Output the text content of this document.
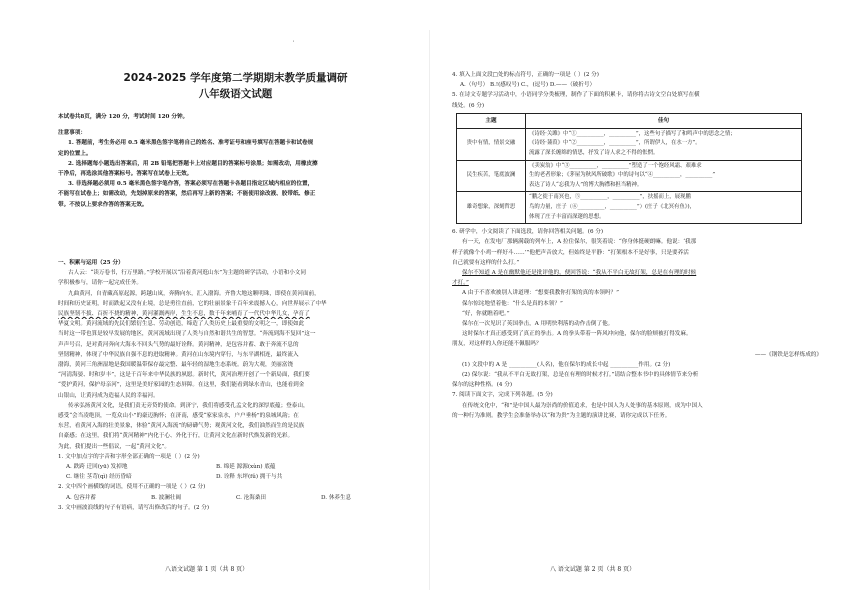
'
2024-2025 学年度第二学期期末教学质量调研
八年级语文试题

本试卷共8页，满分 120 分，考试时间 120 分钟。

注意事项：

1. 答题前，考生务必用 0.5 毫米黑色签字笔将自己的姓名、准考证号和座号填写在答题卡和试卷规

定的位置上。

2. 选择题每小题选出答案后，用 2B 铅笔把答题卡上对应题目的答案标号涂黑；如需改动，用橡皮擦

干净后，再选涂其他答案标号。答案写在试卷上无效。

3. 非选择题必须用 0.5 毫米黑色签字笔作答，答案必须写在答题卡各题目指定区域内相应的位置，

不能写在试卷上；如需改动，先划掉原来的答案，然后再写上新的答案；不能使用涂改液、胶带纸、修正

带。不按以上要求作答的答案无效。

一、积累与运用（25 分）

古人云：“读万卷书，行万里路。”学校开展以“沿着黄河逛山东”为主题的研学活动，小语和小文同

学积极参与，请你一起完成任务。

九曲黄河，自青藏高原起源，跨越山岚，奔腾向东，汇入渤海。齐鲁大地这颗明珠，即使在黄河面前，

时间和历史证明，时而跌起又没有止境，总是勇往直前，它的壮丽景象千百年来震撼人心，向世界展示了中华

民族坚韧不拔、百折不挠的精神，黄河灌溉两岸，生生不息，数千年来哺育了一代代中华儿女，孕育了

华夏文明。黄河流域的先民们繁衍生息、劳动创造，缔造了人类历史上最重要的文明之一，即使如此

当时这一带也算是较早发展的地区，黄河流域出现了人类与自然和谐共生的智慧。“奔流到海不复回”这一

声声号召，是对黄河奔向大海永不回头气势的最好诠释。黄河精神，是包容并蓄、敢于奔流不息的

坚韧精神，体现了中华民族自强不息的进取精神。黄河在山东境内穿行，与东平湖相连，最终流入

渤海，黄河三角洲湿地是我国暖温带保存最完整、最年轻的湿地生态系统。蔚为大观，美丽富饶

“河清海晏、时和岁丰”，这是千百年来中华民族的夙愿。新时代，黄河治理开创了一个新局面，我们要

“爱护黄河，保护母亲河”，这里是美好家园的生态屏障。在这里，我们能看到绿水青山，也能看到金

山银山，让黄河成为造福人民的幸福河。

传承弘扬黄河文化，是我们责无旁贷的使命。到济宁，我们将感受孔孟文化的深厚底蕴；登泰山，

感受“会当凌绝顶，一览众山小”的豪迈胸怀；在济南，感受“家家泉水，户户垂杨”的泉城风韵；在

东营，看黄河入海的壮美景象，体验“黄河入海流”的磅礴气势；观黄河文化，我们油然而生的是民族

自豪感；在这里，我们将“黄河精神”内化于心、外化于行，让黄河文化在新时代焕发新的光彩。

为此，我们提出一些倡议，一起“黄河文化”。

1. 文中加点字的字音和字形全部正确的一项是（ ）(2 分)

A. 跌跨 迁回(yū) 发掉地	B. 绵延 源源(xùn) 底蕴

C. 继往 茎苛(qì) 经历昏暗	D. 诠释 东坪(fǔ) 拥干与共

2. 文中四个画横线的词语，使用不正确的一项是（ ）(2 分)

A. 包容并蓄	B. 波澜壮阔	C. 沧海桑田	D. 休养生息

3. 文中画波浪线的句子有语病，请写出修改后的句子。(2 分)

八语文试题 第 1 页（共 8 页）

4. 填入上面文段□处的标点符号，正确的一项是（ ）(2 分)

A.（句号） B.!(感叹号) C.，(逗号) D.——（破折号）

5. 在诗文专题学习活动中，小语同学分类梳理，制作了下面的积累卡，请你将古诗文空白处填写在横

线处。(6 分)

主题	佳句
贵中有情，情景交融	《诗经·关雎》中“①__________，__________”，这些句子描写了和鸣声中的思念之情；
《诗经·蒹葭》中“②__________，__________”，所谓伊人，在水一方”。
流露了深长缠绵的情思，抒发了诗人求之不得的怅惘。

民生疾苦，笔底波澜	《卖炭翁》中“③__________，__________”塑造了一个饱经风霜、艰难求
生的老者形象；《茅屋为秋风所破歌》中的诗句以“④__________，__________”
表达了诗人“忘我为人”的博大胸襟和担当精神。

雄奇想象，深刻哲思	“鹏之徙于南冥也，⑤__________，__________”，扶摇而上，展现鹏
鸟的力量，庄子（⑥__________，__________”）(庄子《北冥有鱼》)，
体现了庄子丰富而深邃的思想。

6. 研学中，小文阅读了下面选段，请你回答相关问题。(6 分)

有一天，在发电厂那辆满载的列车上，A 拉住保尔，很笑着说：“你身体挺硬朗嘛。他说：‘我那

样子就像个小鸡一样好斗……’”他把声音放大，但始终是平静：“打架根本不是好事，只是要养活

自己就要有这样的什么打。”

保尔不知道 A 是在幽默他还是批评他的，便回答说：“我从不平白无故打架，总是在有理的时候

才打。”

A 由于不喜欢被别人讲道理：“想要我教你打架的真的本领吗？”

保尔惊诧地望着他：“什么是真的本领？”

“好，你就瞧着吧。”

保尔在一次见识了英国拳击，A 用明快利落的动作击倒了他。

这时保尔才真正感受到了真正的拳击。A 的拳头带着一阵风冲向他，保尔的脸颊被打得发麻。

朋友，对这样的人你还能不佩服吗？

——《钢铁是怎样炼成的》

(1) 文段中的 A 是 __________(人名)，他在保尔的成长中起 __________作用。(2 分)

(2) 保尔说：“我从不平白无故打架，总是在有理的时候才打。”请结合整本书中的具体情节来分析

保尔的这种性格。(4 分)

7. 阅读下面文字，完成下列各题。(5 分)

在传统文化中，“和”是中国人最为崇尚的价值追求，也是中国人为人处事的基本原则，成为中国人

的一种行为准则。教学生会准备举办以“和为贵”为主题的演讲比赛，请你完成以下任务。

八 语文试题 第 2 页（共 8 页）
